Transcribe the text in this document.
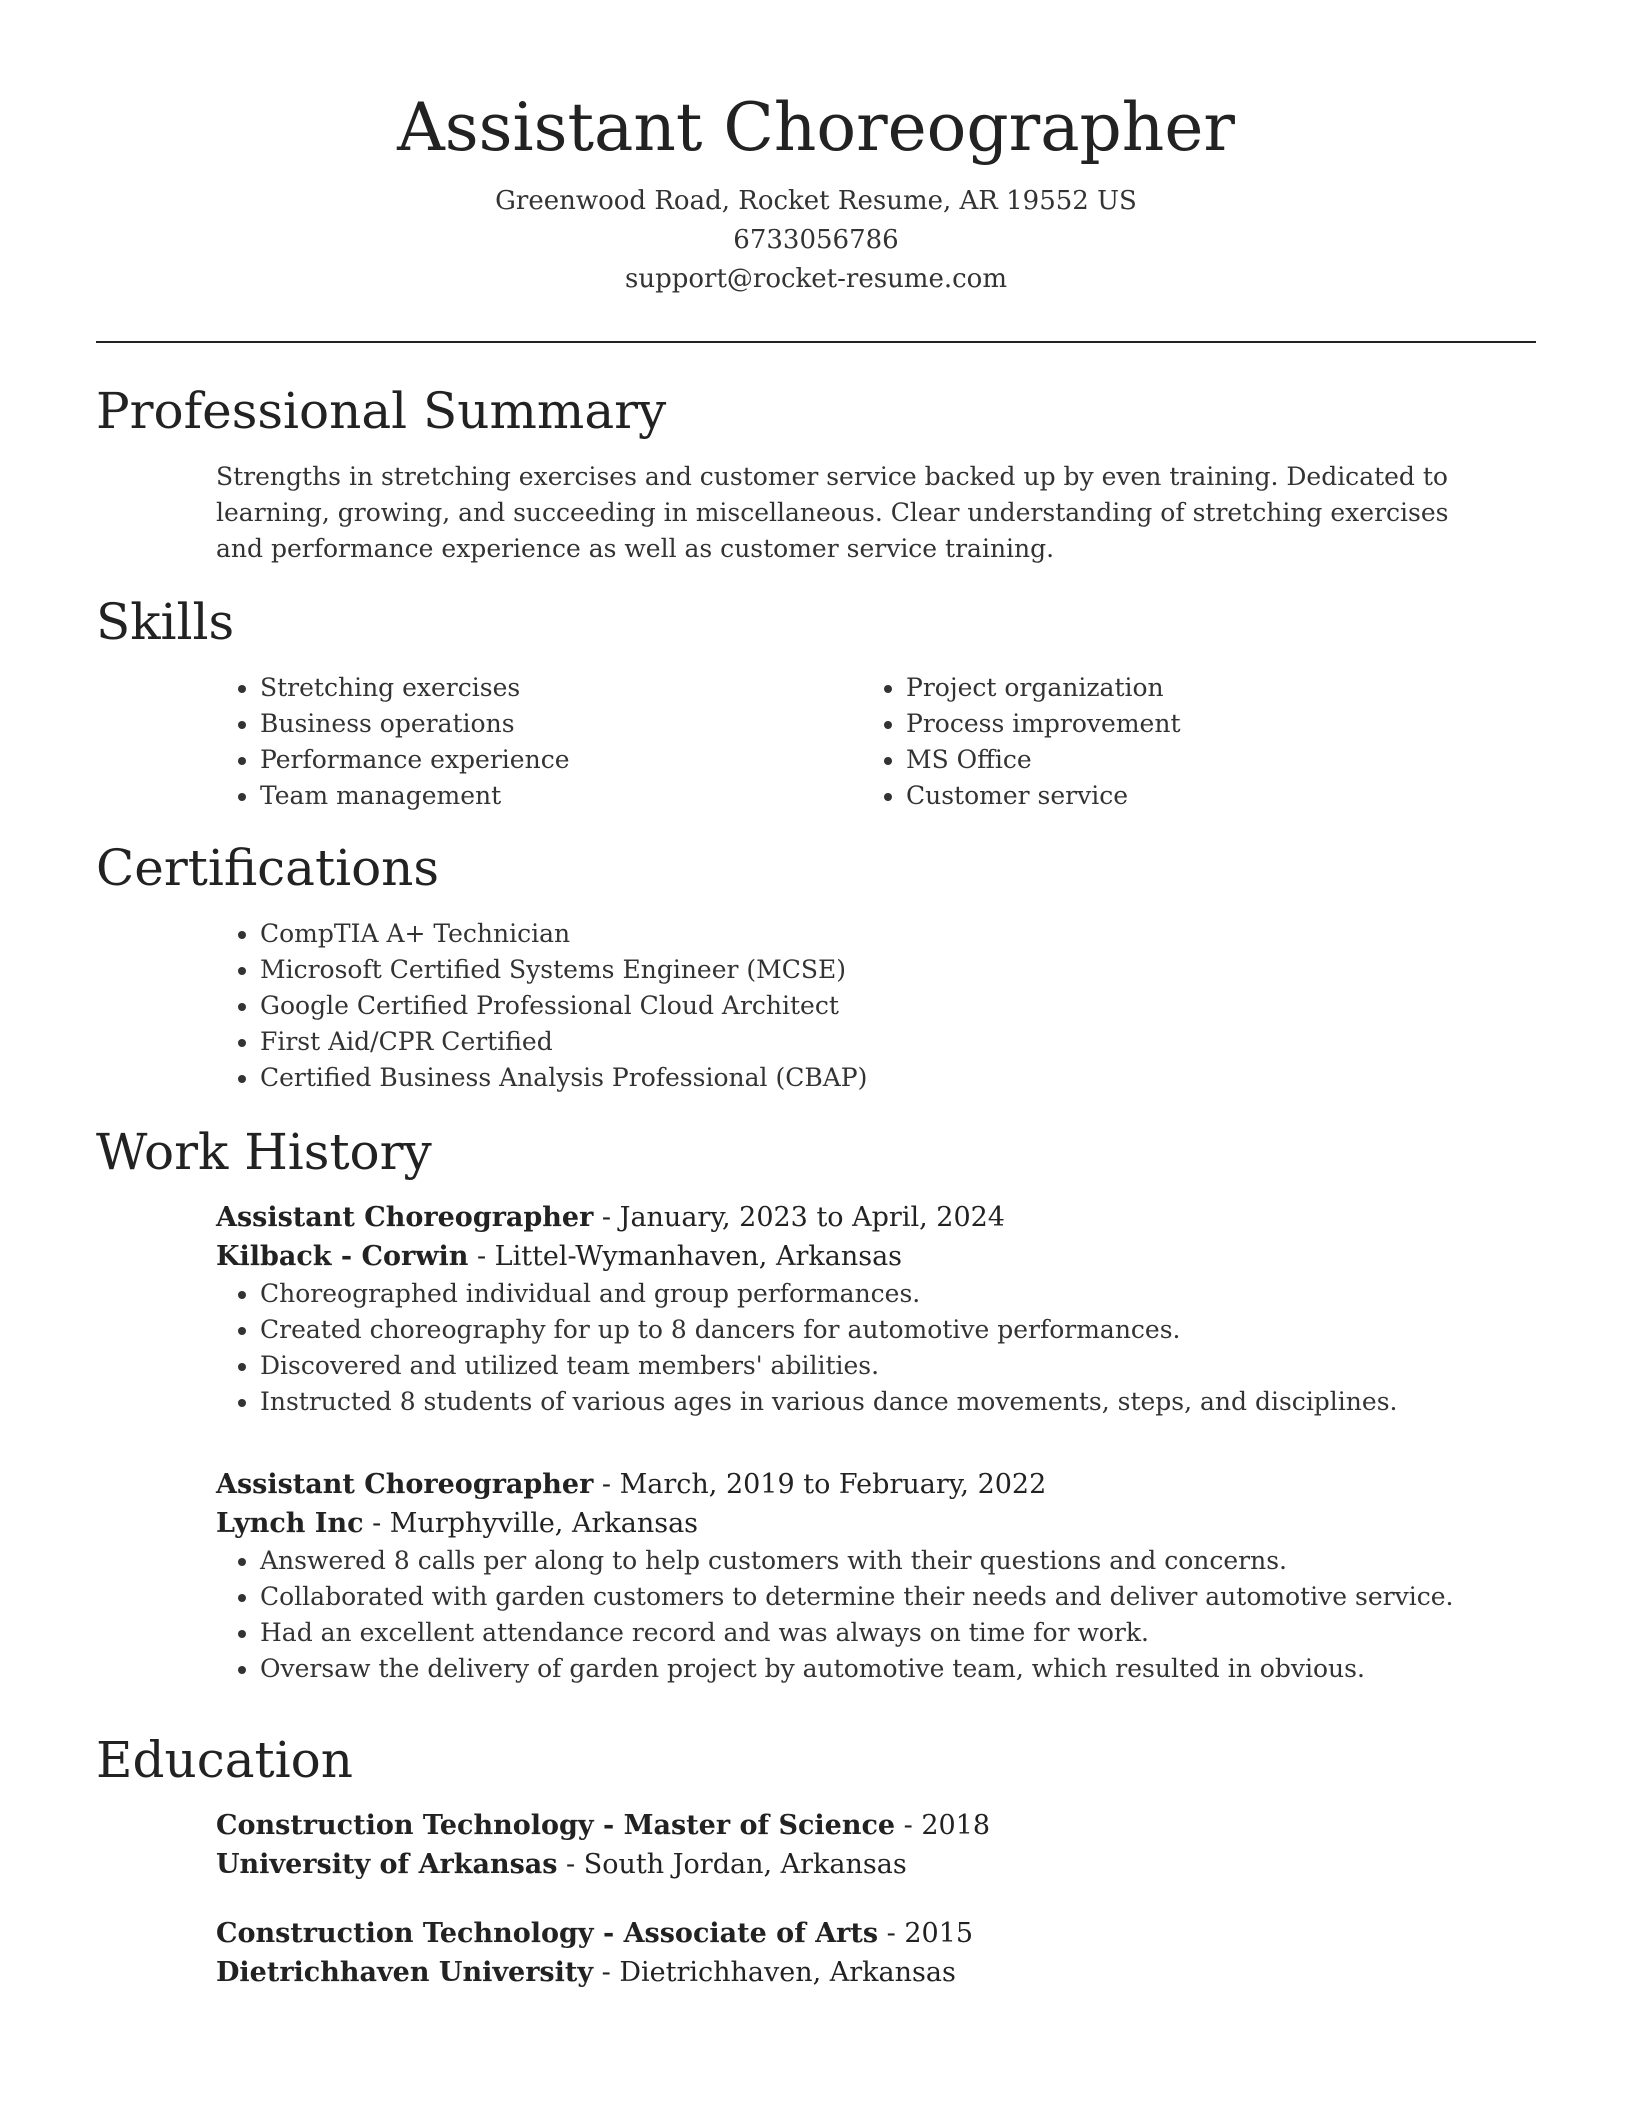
Assistant Choreographer
Greenwood Road, Rocket Resume, AR 19552 US
6733056786
support@rocket-resume.com
Professional Summary

Strengths in stretching exercises and customer service backed up by even training. Dedicated to learning, growing, and succeeding in miscellaneous. Clear understanding of stretching exercises and performance experience as well as customer service training.

Skills
• Stretching exercises
• Business operations
• Performance experience
• Team management
• Project organization
• Process improvement
• MS Office
• Customer service
Certifications
• CompTIA A+ Technician
• Microsoft Certified Systems Engineer (MCSE)
• Google Certified Professional Cloud Architect
• First Aid/CPR Certified
• Certified Business Analysis Professional (CBAP)
Work History
Assistant Choreographer - January, 2023 to April, 2024
Kilback - Corwin - Littel-Wymanhaven, Arkansas
• Choreographed individual and group performances.
• Created choreography for up to 8 dancers for automotive performances.
• Discovered and utilized team members' abilities.
• Instructed 8 students of various ages in various dance movements, steps, and disciplines.
Assistant Choreographer - March, 2019 to February, 2022
Lynch Inc - Murphyville, Arkansas
• Answered 8 calls per along to help customers with their questions and concerns.
• Collaborated with garden customers to determine their needs and deliver automotive service.
• Had an excellent attendance record and was always on time for work.
• Oversaw the delivery of garden project by automotive team, which resulted in obvious.
Education
Construction Technology - Master of Science - 2018
University of Arkansas - South Jordan, Arkansas
Construction Technology - Associate of Arts - 2015
Dietrichhaven University - Dietrichhaven, Arkansas
